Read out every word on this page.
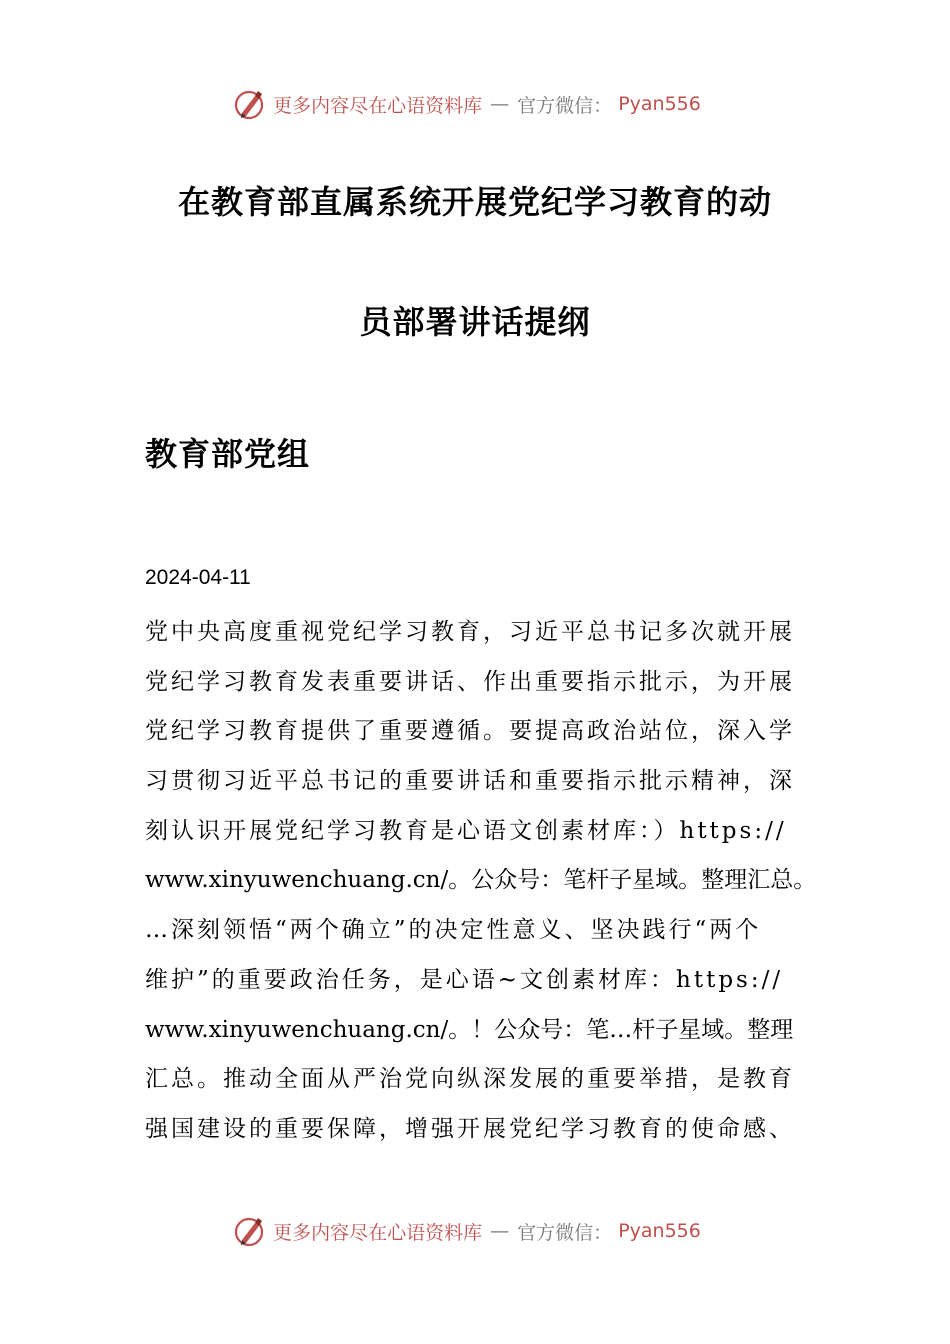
更多内容尽在心语资料库 — 官方微信： Pyan556
在教育部直属系统开展党纪学习教育的动
员部署讲话提纲
教育部党组
2024-04-11
党中央高度重视党纪学习教育，习近平总书记多次就开展
党纪学习教育发表重要讲话、作出重要指示批示，为开展
党纪学习教育提供了重要遵循。要提高政治站位，深入学
习贯彻习近平总书记的重要讲话和重要指示批示精神，深
刻认识开展党纪学习教育是心语文创素材库：）https://
www.xinyuwenchuang.cn/。公众号：笔杆子星域。整理汇总。
…深刻领悟“两个确立”的决定性意义、坚决践行“两个
维护”的重要政治任务，是心语~文创素材库：https://
www.xinyuwenchuang.cn/。！公众号：笔…杆子星域。整理
汇总。推动全面从严治党向纵深发展的重要举措，是教育
强国建设的重要保障，增强开展党纪学习教育的使命感、
更多内容尽在心语资料库 — 官方微信： Pyan556
